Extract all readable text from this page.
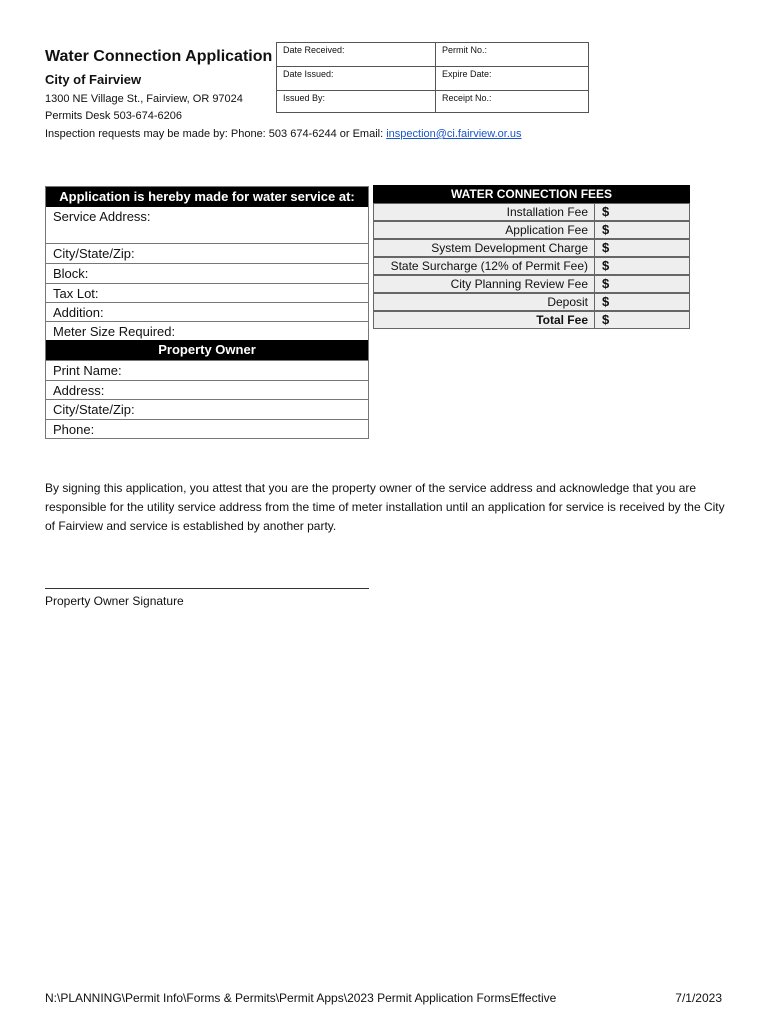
Water Connection Application
City of Fairview
1300 NE Village St., Fairview, OR 97024
Permits Desk 503-674-6206
Inspection requests may be made by: Phone: 503 674-6244 or Email: inspection@ci.fairview.or.us
Date Received:	Permit No.:
Date Issued:	Expire Date:
Issued By:	Receipt No.:
Application is hereby made for water service at:
Service Address:
City/State/Zip:
Block:
Tax Lot:
Addition:
Meter Size Required:
Property Owner
Print Name:
Address:
City/State/Zip:
Phone:
WATER CONNECTION FEES
Installation Fee	$
Application Fee	$
System Development Charge	$
State Surcharge (12% of Permit Fee)	$
City Planning Review Fee	$
Deposit	$
Total Fee	$
By signing this application, you attest that you are the property owner of the service address and acknowledge that you are responsible for the utility service address from the time of meter installation until an application for service is received by the City of Fairview and service is established by another party.
Property Owner Signature
N:\PLANNING\Permit Info\Forms & Permits\Permit Apps\2023 Permit Application FormsEffective	7/1/2023
